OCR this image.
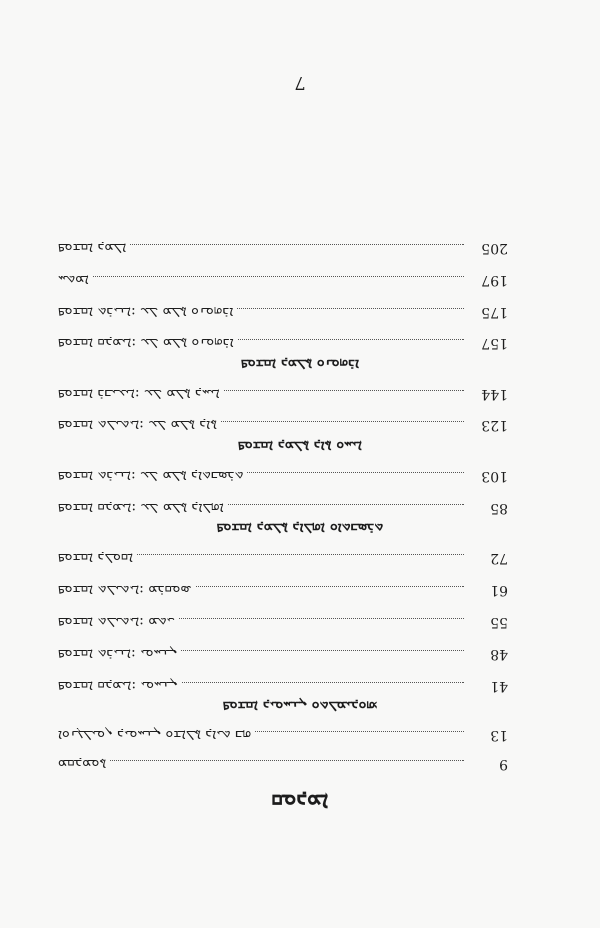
7
ܩܘܕܡܐ
9
ܡܩܕܡܘܬܐ
13
ܐܘܢܓܠܝܘܢ ܕܝܘܚܢܢ ܘܫܐܠܬܐ ܕܐܝܬ ܒܗ
ܦܘܫܩܐ ܕܝܘܚܢܢ ܘܬܠܡܝܕܘܗܝ
41
ܦܘܫܩܐ ܩܕܡܝܐ: ܝܘܚܢܢ
48
ܦܘܫܩܐ ܬܪܝܢܐ: ܝܘܚܢܢ
55
ܦܘܫܩܐ ܬܠܝܬܝܐ: ܡܬܝ
61
ܦܘܫܩܐ ܬܠܝܬܝܐ: ܡܪܩܘܣ
72
ܦܘܫܩܐ ܕܠܘܩܐ
ܦܘܫܩܐ ܕܡܠܬܐ ܕܐܠܗܐ ܘܐܬܒܣܪܬ
85
ܦܘܫܩܐ ܩܕܡܝܐ: ܥܠ ܡܠܬܐ ܕܐܠܗܐ
103
ܦܘܫܩܐ ܬܪܝܢܐ: ܥܠ ܡܠܬܐ ܕܐܬܒܣܪܬ
ܦܘܫܩܐ ܕܡܠܬܐ ܕܐܬܐ ܘܚܝܐ
123
ܦܘܫܩܐ ܬܠܝܬܝܐ: ܥܠ ܡܠܬܐ ܕܐܬܐ
144
ܦܘܫܩܐ ܪܒܝܥܝܐ: ܥܠ ܡܠܬܐ ܕܚܝܐ
ܦܘܫܩܐ ܕܡܠܬܐ ܘܢܘܗܪܐ
157
ܦܘܫܩܐ ܩܕܡܝܐ: ܥܠ ܡܠܬܐ ܘܢܘܗܪܐ
175
ܦܘܫܩܐ ܬܪܝܢܐ: ܥܠ ܡܠܬܐ ܘܢܘܗܪܐ
197
ܚܬܡܐ
205
ܦܘܫܩܐ ܕܡܠܐ
